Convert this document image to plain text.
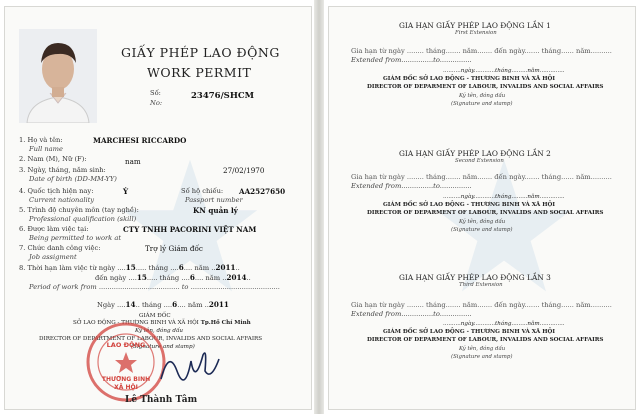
GIẤY PHÉP LAO ĐỘNG
WORK PERMIT
Số:
No:
23476/SHCM
1. Họ và tên:	MARCHESI RICCARDO
Full name
2. Nam (M), Nữ (F):	nam
3. Ngày, tháng, năm sinh:	27/02/1970
Date of birth (DD-MM-YY)
4. Quốc tịch hiện nay:	Ý
Current nationality
Số hộ chiếu: AA2527650
Passport number
5. Trình độ chuyên môn (tay nghề):	KN quản lý
Professional qualification (skill)
6. Được làm việc tại:	CTY TNHH PACORINI VIỆT NAM
Being permitted to work at
7. Chức danh công việc:	Trợ lý Giám đốc
Job assigment
8. Thời hạn làm việc từ ngày ....15..... tháng ....6.... năm ..2011..
đến ngày ....15..... tháng ....6.... năm ..2014..
Period of work from ...................................... to ..........................................
Ngày ....14.. tháng ....6.... năm ..2011
GIÁM ĐỐC
SỞ LAO ĐỘNG - THƯƠNG BINH VÀ XÃ HỘI Tp.Hồ Chí Minh
Ký tên, đóng dấu
DIRECTOR OF DEPARTMENT OF LABOUR, INVALIDS AND SOCIAL AFFAIRS
(Signature and stamp)
LAO ĐỘNG
THƯƠNG BINH
XÃ HỘI
Lê Thành Tâm
GIA HẠN GIẤY PHÉP LAO ĐỘNG LẦN 1
First Extension
Gia hạn từ ngày ........ tháng....... năm....... đến ngày....... tháng...... năm..........
Extended from...............to...............
..........ngày............tháng.........năm..............
GIÁM ĐỐC SỞ LAO ĐỘNG - THƯƠNG BINH VÀ XÃ HỘI
DIRECTOR OF DEPARMENT OF LABOUR, INVALIDS AND SOCIAL AFFAIRS
Ký tên, đóng dấu
(Signature and stamp)
GIA HẠN GIẤY PHÉP LAO ĐỘNG LẦN 2
Second Extension
Gia hạn từ ngày ........ tháng....... năm....... đến ngày....... tháng...... năm..........
Extended from...............to...............
..........ngày............tháng.........năm..............
GIÁM ĐỐC SỞ LAO ĐỘNG - THƯƠNG BINH VÀ XÃ HỘI
DIRECTOR OF DEPARMENT OF LABOUR, INVALIDS AND SOCIAL AFFAIRS
Ký tên, đóng dấu
(Signature and stamp)
GIA HẠN GIẤY PHÉP LAO ĐỘNG LẦN 3
Third Extension
Gia hạn từ ngày ........ tháng....... năm....... đến ngày....... tháng...... năm..........
Extended from...............to...............
..........ngày............tháng.........năm..............
GIÁM ĐỐC SỞ LAO ĐỘNG - THƯƠNG BINH VÀ XÃ HỘI
DIRECTOR OF DEPARMENT OF LABOUR, INVALIDS AND SOCIAL AFFAIRS
Ký tên, đóng dấu
(Signature and stamp)
